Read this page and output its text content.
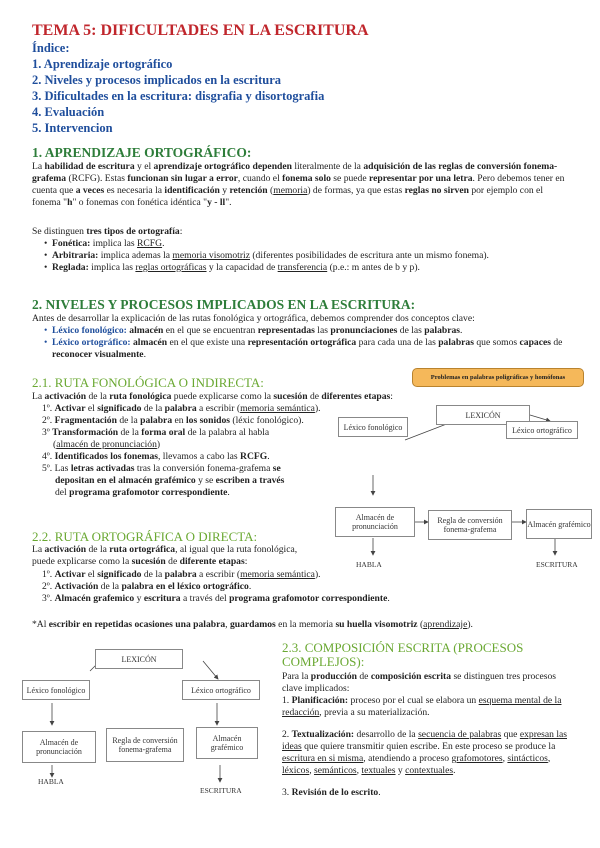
TEMA 5: DIFICULTADES EN LA ESCRITURA
Índice:
1. Aprendizaje ortográfico
2. Niveles y procesos implicados en la escritura
3. Dificultades en la escritura: disgrafia y disortografia
4. Evaluación
5. Intervencion
1. APRENDIZAJE ORTOGRÁFICO:
La habilidad de escritura y el aprendizaje ortográfico dependen literalmente de la adquisición de las reglas de conversión fonema-grafema (RCFG). Estas funcionan sin lugar a error, cuando el fonema solo se puede representar por una letra. Pero debemos tener en cuenta que a veces es necesaria la identificación y retención (memoria) de formas, ya que estas reglas no sirven por ejemplo con el fonema "h" o fonemas con fonética idéntica "y - ll".
Se distinguen tres tipos de ortografía:
• Fonética: implica las RCFG.
• Arbitraria: implica ademas la memoria visomotriz (diferentes posibilidades de escritura ante un mismo fonema).
• Reglada: implica las reglas ortográficas y la capacidad de transferencia (p.e.: m antes de b y p).
2. NIVELES Y PROCESOS IMPLICADOS EN LA ESCRITURA:
Antes de desarrollar la explicación de las rutas fonológica y ortográfica, debemos comprender dos conceptos clave:
• Léxico fonológico: almacén en el que se encuentran representadas las pronunciaciones de las palabras.
• Léxico ortográfico: almacén en el que existe una representación ortográfica para cada una de las palabras que somos capaces de reconocer visualmente.
Problemas en palabras poligráficas y homófonas
2.1. RUTA FONOLÓGICA O INDIRECTA:
La activación de la ruta fonológica puede explicarse como la sucesión de diferentes etapas:
1º. Activar el significado de la palabra a escribir (memoria semántica).
2º. Fragmentación de la palabra en los sonidos (léxic fonológico).
3º Transformación de la forma oral de la palabra al habla
(almacén de pronunciación)
4º. Identificados los fonemas, llevamos a cabo las RCFG.
5º. Las letras activadas tras la conversión fonema-grafema se
depositan en el almacén grafémico y se escriben a través
del programa grafomotor correspondiente.
LEXICÓN
Léxico fonológico	Léxico ortográfico
Almacén de pronunciación
Regla de conversión fonema-grafema
Almacén grafémico
HABLA	ESCRITURA
2.2. RUTA ORTOGRÁFICA O DIRECTA:
La activación de la ruta ortográfica, al igual que la ruta fonológica,
puede explicarse como la sucesión de diferente etapas:
1º. Activar el significado de la palabra a escribir (memoria semántica).
2º. Activación de la palabra en el léxico ortográfico.
3º. Almacén grafemico y escritura a través del programa grafomotor correspondiente.
*Al escribir en repetidas ocasiones una palabra, guardamos en la memoria su huella visomotriz (aprendizaje).
LEXICÓN
Léxico fonológico	Léxico ortográfico
Almacén de pronunciación
Regla de conversión fonema-grafema
Almacén grafémico
HABLA
ESCRITURA
2.3. COMPOSICIÓN ESCRITA (PROCESOS COMPLEJOS):
Para la producción de composición escrita se distinguen tres procesos clave implicados:
1. Planificación: proceso por el cual se elabora un esquema mental de la redacción, previa a su materialización.
2. Textualización: desarrollo de la secuencia de palabras que expresan las ideas que quiere transmitir quien escribe. En este proceso se produce la escritura en si misma, atendiendo a proceso grafomotores, sintácticos, léxicos, semánticos, textuales y contextuales.
3. Revisión de lo escrito.
